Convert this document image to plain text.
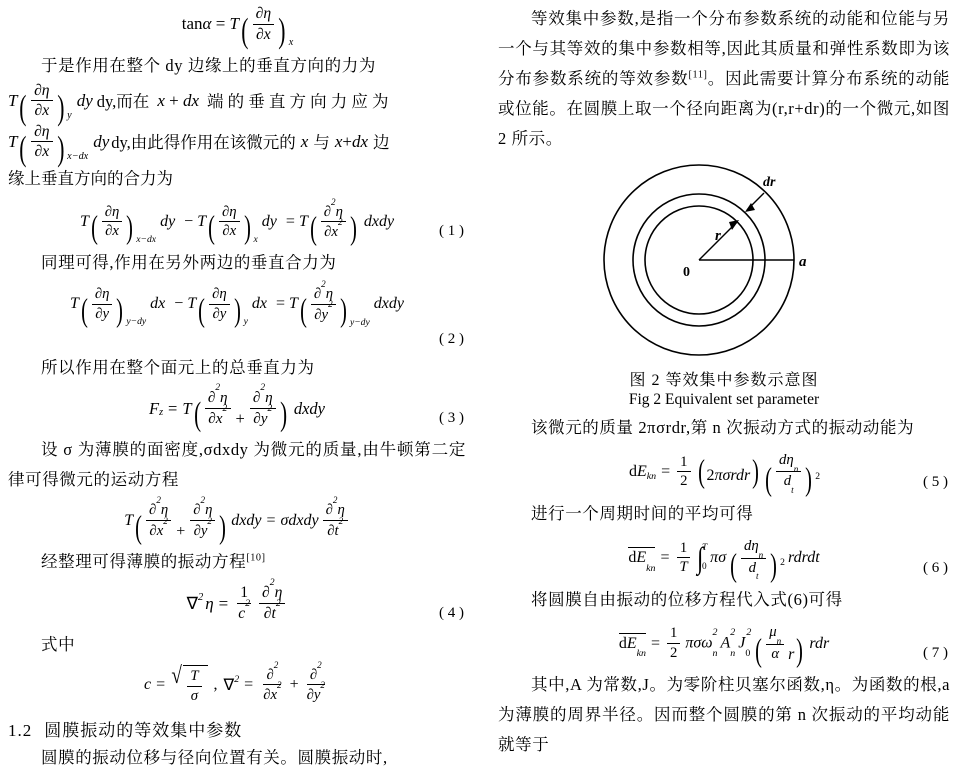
tan α = T ( $\frac{\partial\eta}{\partial x}$ ) x

于是作用在整个 dy 边缘上的垂直方向的力为

T ( $\frac{\partial\eta}{\partial x}$ ) y
dy dy,而在 x + dx 端 的 垂 直 方 向 力 应 为
T ( $\frac{\partial\eta}{\partial x}$ ) x−dx
dy dy,由此得作用在该微元的 x 与 x + dx 边
缘上垂直方向的合力为
T ( $\frac{\partial\eta}{\partial x}$ ) x−dx
dy − T ( $\frac{\partial\eta}{\partial x}$ ) x
dy = T ( $\frac{\partial^2\eta}{\partial x^2}$ ) dxdy
( 1 )

同理可得,作用在另外两边的垂直合力为

T ( $\frac{\partial\eta}{\partial y}$ ) y−dy
dx − T ( $\frac{\partial\eta}{\partial y}$ ) y
dx = T ( $\frac{\partial^2\eta}{\partial y^2}$ ) y−dy
dxdy
( 2 )

所以作用在整个面元上的总垂直力为

F z = T ( $\frac{\partial^2\eta}{\partial x^2} + \frac{\partial^2\eta}{\partial y^2}$ ) dxdy	( 3 )

设 σ 为薄膜的面密度,σdxdy 为微元的质量,由牛顿第二定律可得微元的运动方程

T ( $\frac{\partial^2\eta}{\partial x^2} + \frac{\partial^2\eta}{\partial y^2}$ ) dxdy = σdxdy $\frac{\partial^2\eta}{\partial t^2}$
经整理可得薄膜的振动方程[10]
∇ 2 $\eta = \frac{1}{c^2} \frac{\partial^2\eta}{\partial t^2}$	( 4 )

式中

c = √ $\frac{T}{\sigma}$ , ∇ $2 = \frac{\partial^2}{\partial x^2} + \frac{\partial^2}{\partial y^2}$
1.2 圆膜振动的等效集中参数

圆膜的振动位移与径向位置有关。圆膜振动时,

等效集中参数,是指一个分布参数系统的动能和位能与另一个与其等效的集中参数相等,因此其质量和弹性系数即为该分布参数系统的等效参数[11]。因此需要计算分布系统的动能或位能。在圆膜上取一个径向距离为(r,r+dr)的一个微元,如图 2 所示。
dr
r
a
0
图 2 等效集中参数示意图
Fig 2 Equivalent set parameter

该微元的质量 2πσrdr,第 n 次振动方式的振动动能为

d E kn = $\frac{1}{2}$ ( 2πσrdr ) ( $\frac{d\eta_n}{d_t}$ ) 2	( 5 )

进行一个周期时间的平均可得

$dE_{kn}$
= $\frac{1}{T}$ ∫ T
0
πσ ( $\frac{d\eta_n}{d_t}$ ) 2 rdrdt
( 6 )

将圆膜自由振动的位移方程代入式(6)可得

$dE_{kn}$
= $\frac{1}{2} \pi\sigma\omega_n^2$
$A_n^2$
$J_0^2$
( $\frac{\mu_n}{\alpha}$ r ) rdr
( 7 )

其中,A 为常数,J。为零阶柱贝塞尔函数,η。为函数的根,a 为薄膜的周界半径。因而整个圆膜的第 n 次振动的平均动能就等于
